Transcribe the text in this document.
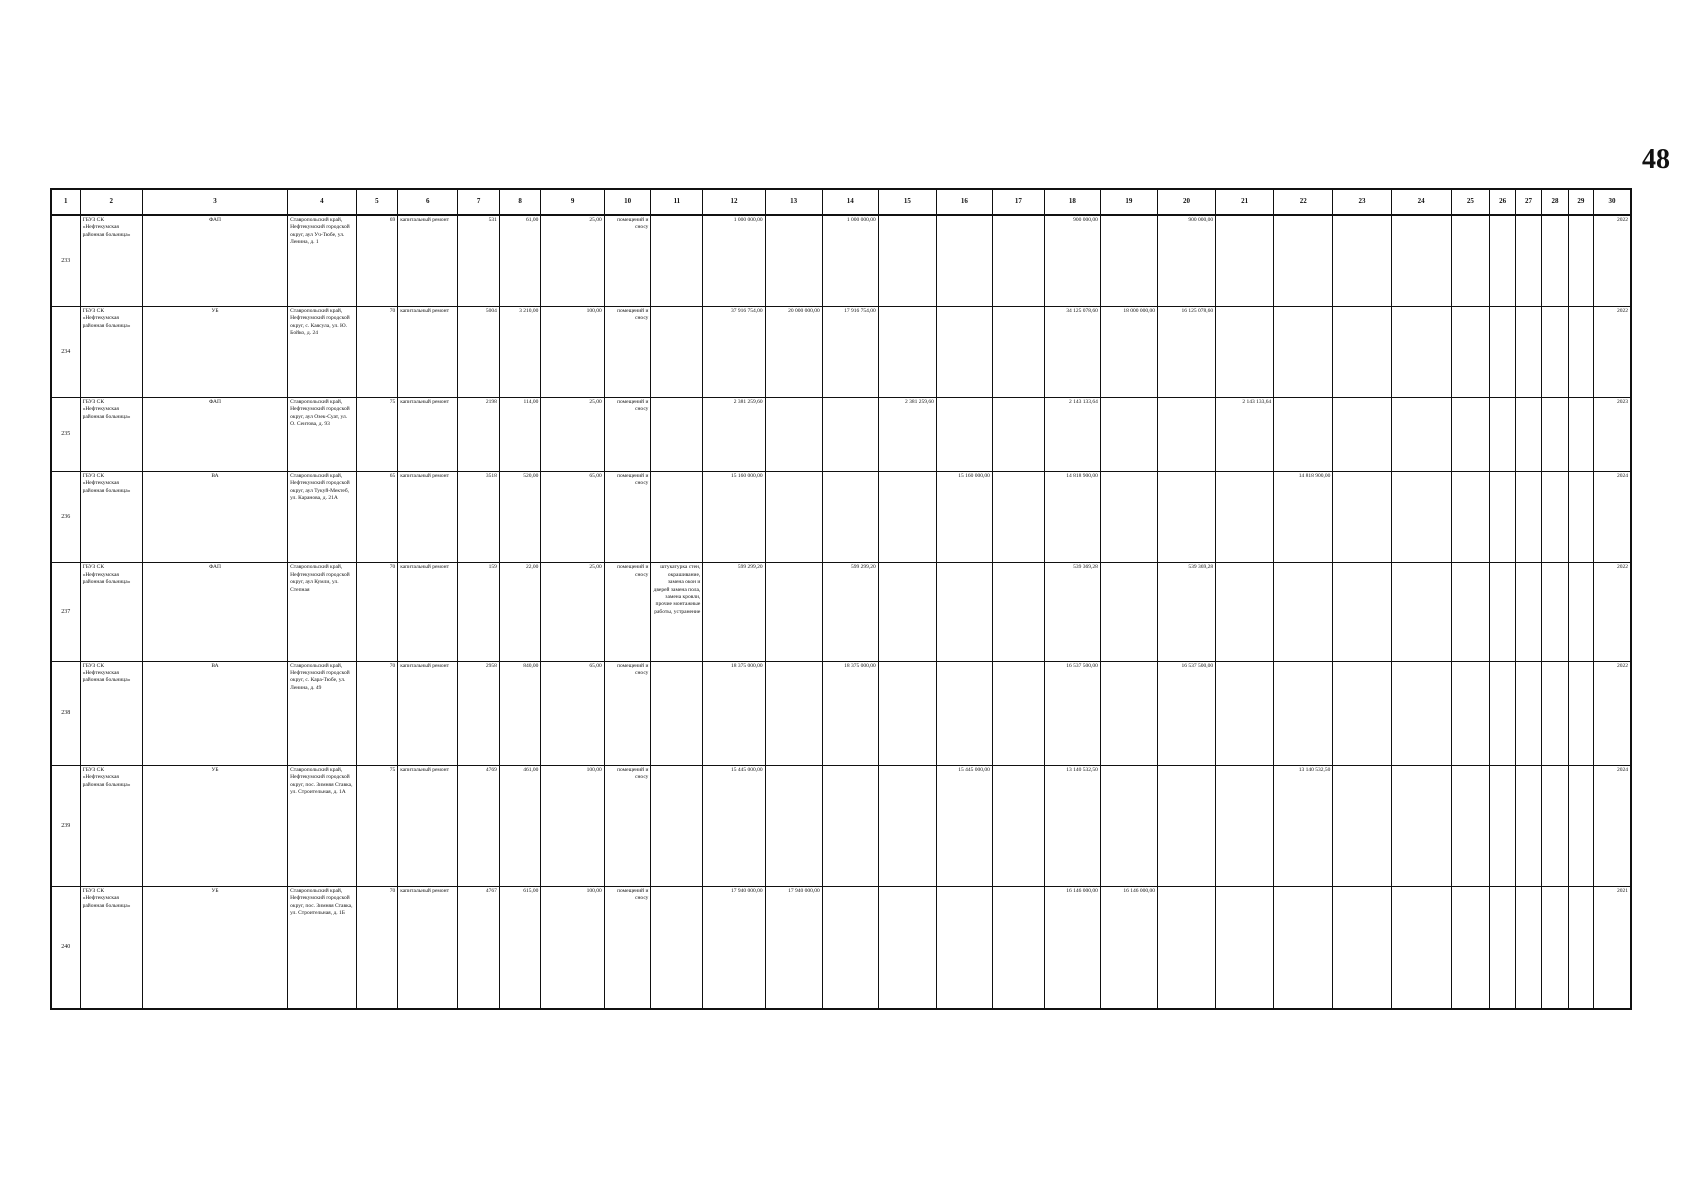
48
1	2	3	4	5	6	7	8	9	10	11	12	13	14	15	16	17	18	19	20	21	22	23	24	25	26	27	28	29	30
233	ГБУЗ СК «Нефтекумская районная больница»	ФАП	Ставропольский край, Нефтекумский городской округ, аул Уч-Тюбе, ул. Ленина, д. 1	69	капитальный ремонт	531	61,00	25,00	помещений и сносу		1 000 000,00		1 000 000,00				900 000,00		900 000,00										2022
234	ГБУЗ СК «Нефтекумская районная больница»	УБ	Ставропольский край, Нефтекумский городской округ, с. Каясула, ул. Ю. Бойко, д. 24	70	капитальный ремонт	5004	3 210,00	100,00	помещений и сносу		37 916 754,00	20 000 000,00	17 916 754,00				34 125 078,60	18 000 000,00	16 125 078,60										2022
235	ГБУЗ СК «Нефтекумская районная больница»	ФАП	Ставропольский край, Нефтекумский городской округ, аул Озек-Суат, ул. О. Сеитова, д. 93	75	капитальный ремонт	2198	114,00	25,00	помещений и сносу		2 381 259,60			2 381 259,60			2 143 133,64			2 143 133,64									2023
236	ГБУЗ СК «Нефтекумская районная больница»	ВА	Ставропольский край, Нефтекумский городской округ, аул Тукуй-Мектеб, ул. Каранова, д. 21А	65	капитальный ремонт	3518	520,00	65,00	помещений и сносу		15 160 000,00				15 160 000,00		14 818 900,00				14 818 900,00								2024
237	ГБУЗ СК «Нефтекумская районная больница»	ФАП	Ставропольский край, Нефтекумский городской округ, аул Кумли, ул. Степная	70	капитальный ремонт	159	22,00	25,00	помещений и сносу	штукатурка стен, окрашивание, замена окон и дверей замена пола, замена кровли, прочие монтажные работы, устранение	599 299,20		599 299,20				539 369,28		539 369,28										2022
238	ГБУЗ СК «Нефтекумская районная больница»	ВА	Ставропольский край, Нефтекумский городской округ, с. Кара-Тюбе, ул. Ленина, д. 49	70	капитальный ремонт	2958	840,00	65,00	помещений и сносу		18 375 000,00		18 375 000,00				16 537 500,00		16 537 500,00										2022
239	ГБУЗ СК «Нефтекумская районная больница»	УБ	Ставропольский край, Нефтекумский городской округ, пос. Зимняя Ставка, ул. Строительная, д. 1А	75	капитальный ремонт	4769	461,00	100,00	помещений и сносу		15 445 000,00				15 445 000,00		13 140 532,50				13 140 532,50								2024
240	ГБУЗ СК «Нефтекумская районная больница»	УБ	Ставропольский край, Нефтекумский городской округ, пос. Зимняя Ставка, ул. Строительная, д. 1Б	70	капитальный ремонт	4767	615,00	100,00	помещений и сносу		17 940 000,00	17 940 000,00					16 146 000,00	16 146 000,00											2021
